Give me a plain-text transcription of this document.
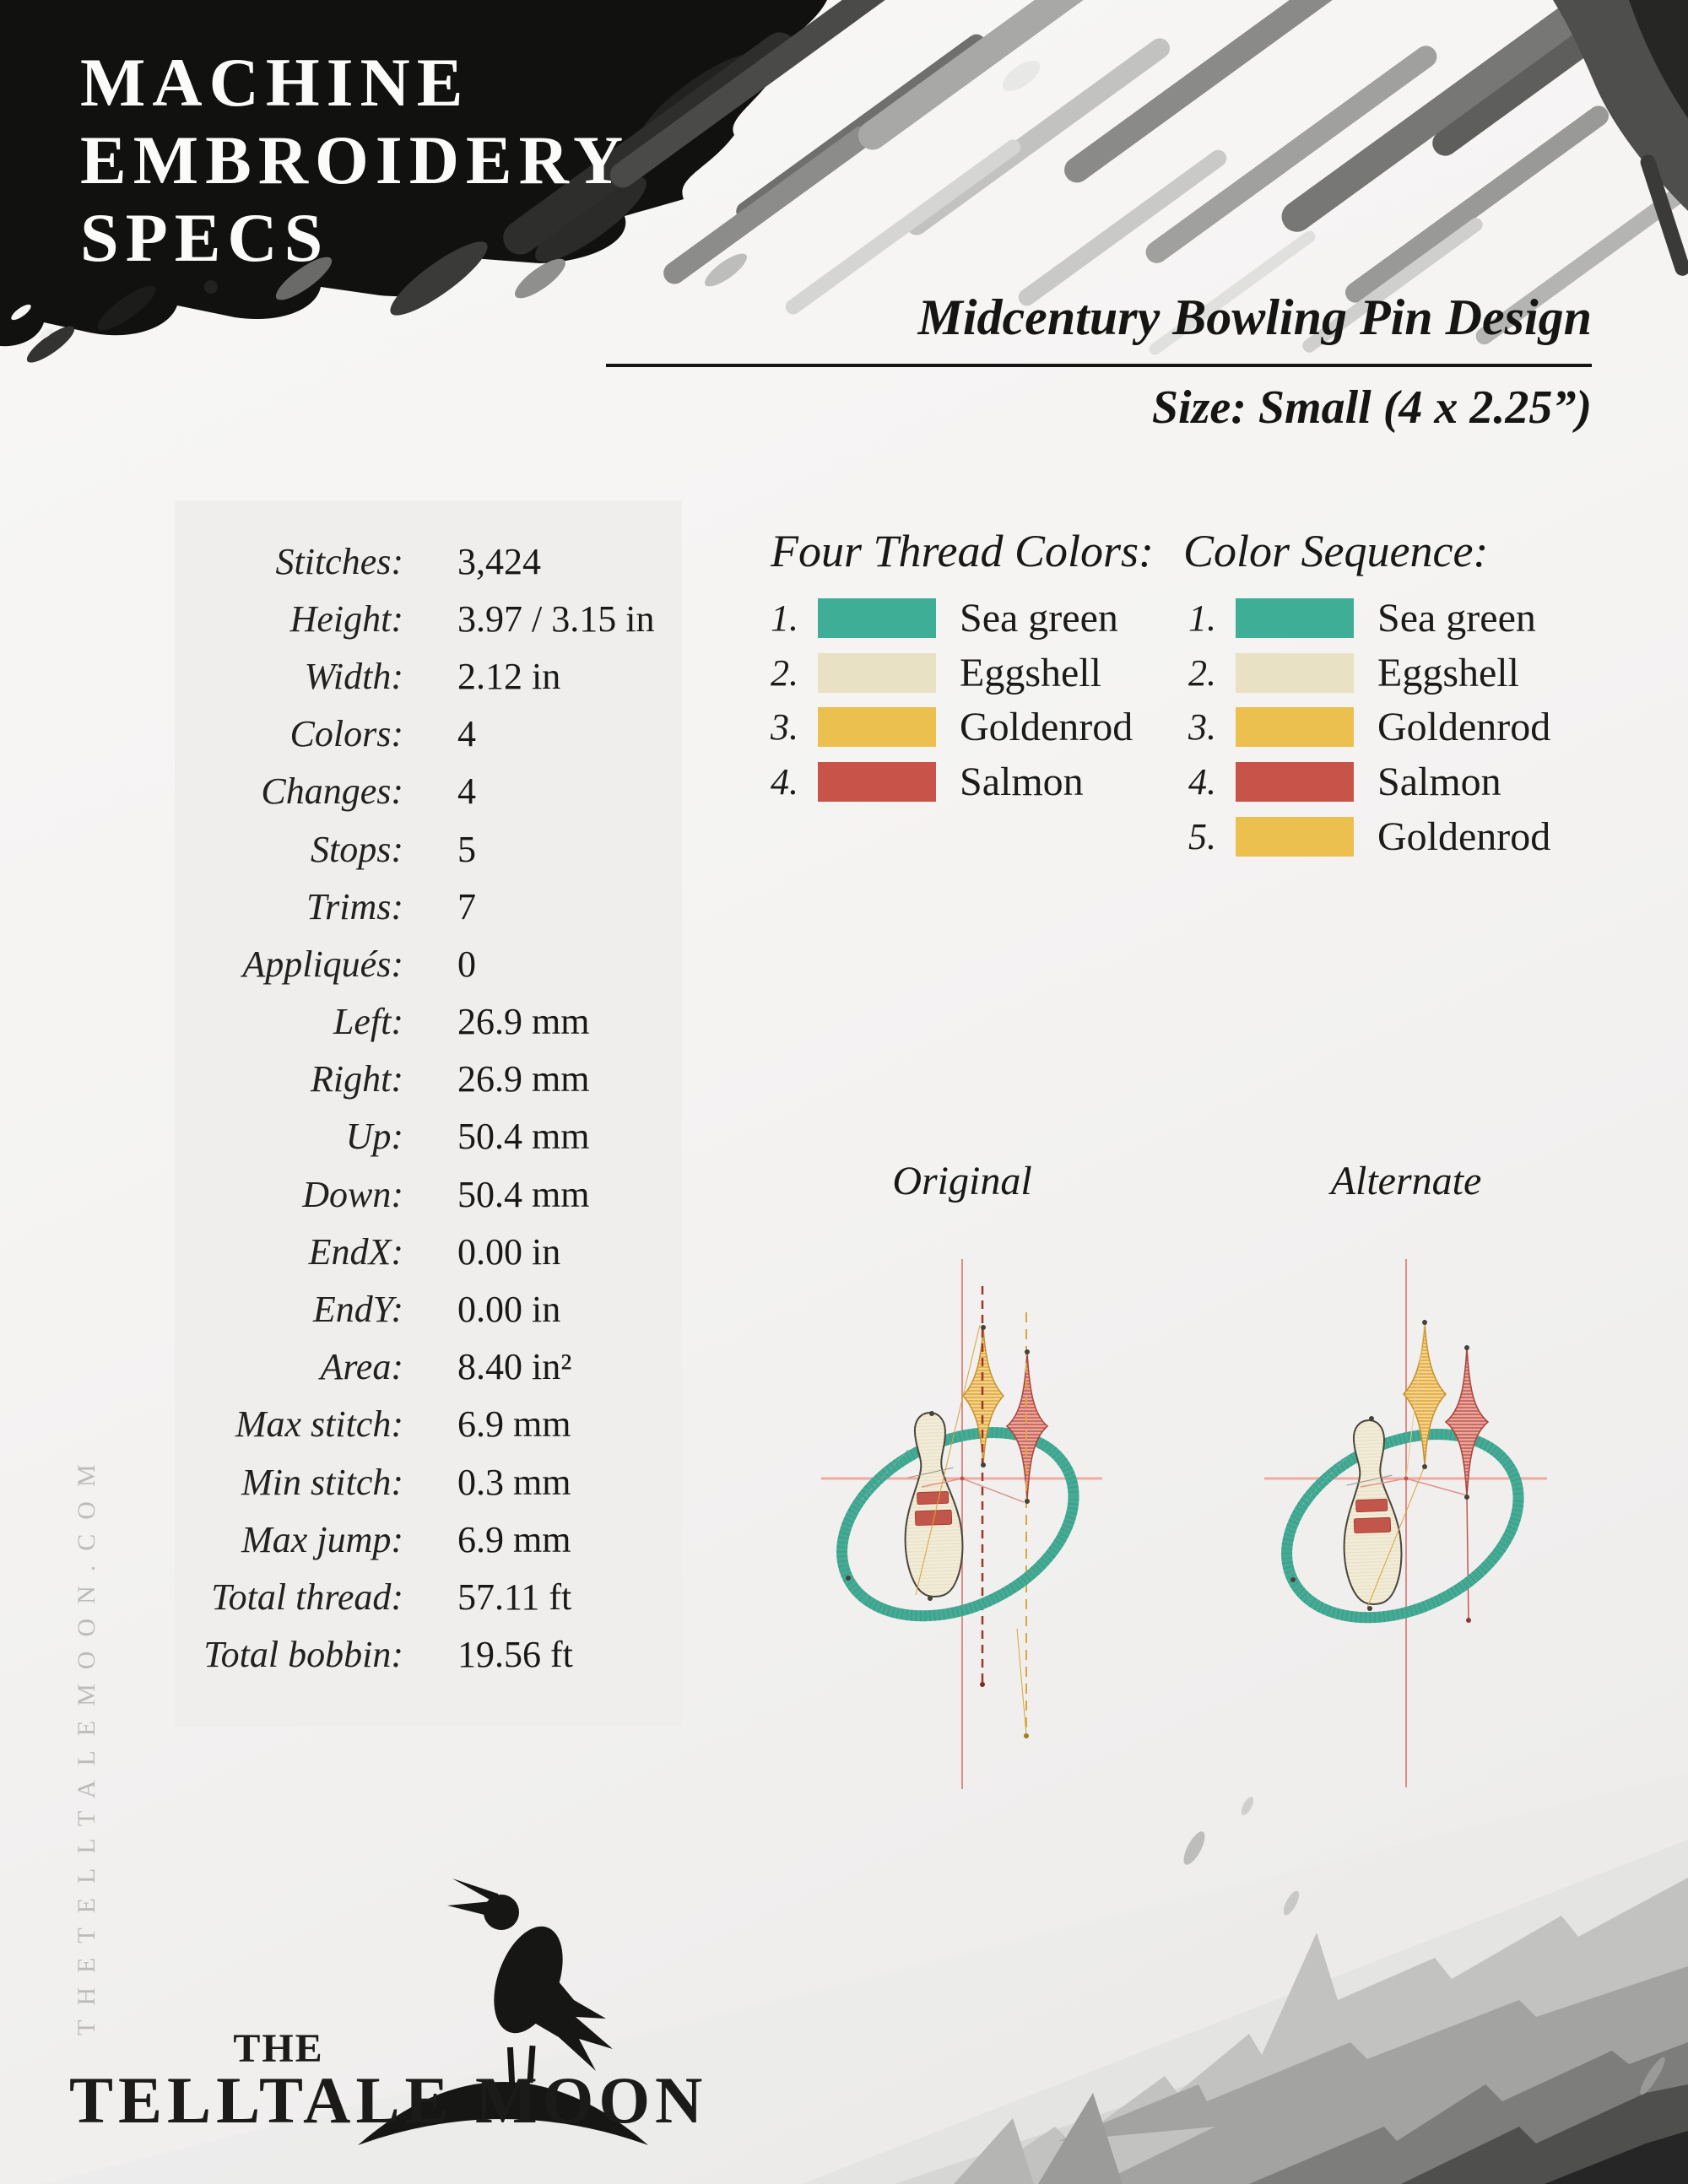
MACHINE
EMBROIDERY
SPECS
Midcentury Bowling Pin Design
Size: Small (4 x 2.25”)
Stitches: 3,424
Height: 3.97 / 3.15 in
Width: 2.12 in
Colors: 4
Changes: 4
Stops: 5
Trims: 7
Appliqués: 0
Left: 26.9 mm
Right: 26.9 mm
Up: 50.4 mm
Down: 50.4 mm
EndX: 0.00 in
EndY: 0.00 in
Area: 8.40 in²
Max stitch: 6.9 mm
Min stitch: 0.3 mm
Max jump: 6.9 mm
Total thread: 57.11 ft
Total bobbin: 19.56 ft
Four Thread Colors:
1.	Sea green
2.	Eggshell
3.	Goldenrod
4.	Salmon
Color Sequence:
1.	Sea green
2.	Eggshell
3.	Goldenrod
4.	Salmon
5.	Goldenrod
Original	Alternate
THETELLTALEMOON.COM
THE
TELLTALE MOON
